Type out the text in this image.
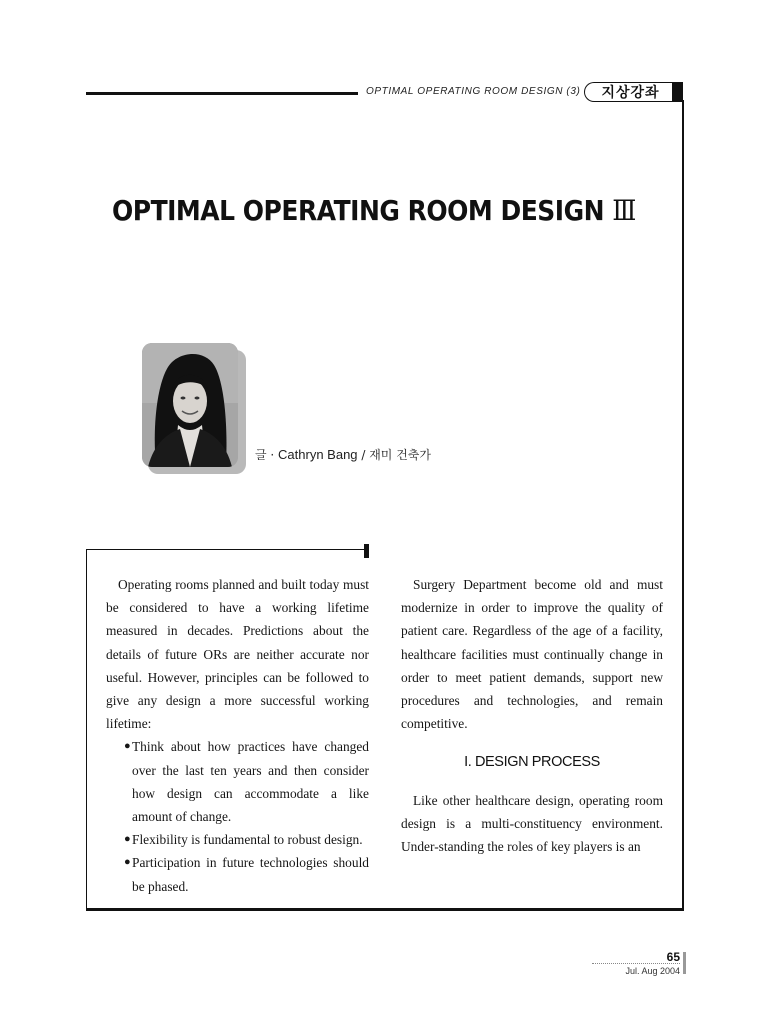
OPTIMAL OPERATING ROOM DESIGN (3)	지상강좌
OPTIMAL OPERATING ROOM DESIGN Ⅲ
글 · Cathryn Bang / 재미 건축가

Operating rooms planned and built today must be considered to have a working lifetime measured in decades. Predictions about the details of future ORs are neither accurate nor useful. However, principles can be followed to give any design a more successful working lifetime:

● Think about how practices have changed over the last ten years and then consider how design can accommodate a like amount of change.
● Flexibility is fundamental to robust design.
● Participation in future technologies should be phased.

Surgery Department become old and must modernize in order to improve the quality of patient care. Regardless of the age of a facility, healthcare facilities must continually change in order to meet patient demands, support new procedures and technologies, and remain competitive.

I. DESIGN PROCESS

Like other healthcare design, operating room design is a multi-constituency environment. Under-standing the roles of key players is an

65
Jul. Aug 2004
